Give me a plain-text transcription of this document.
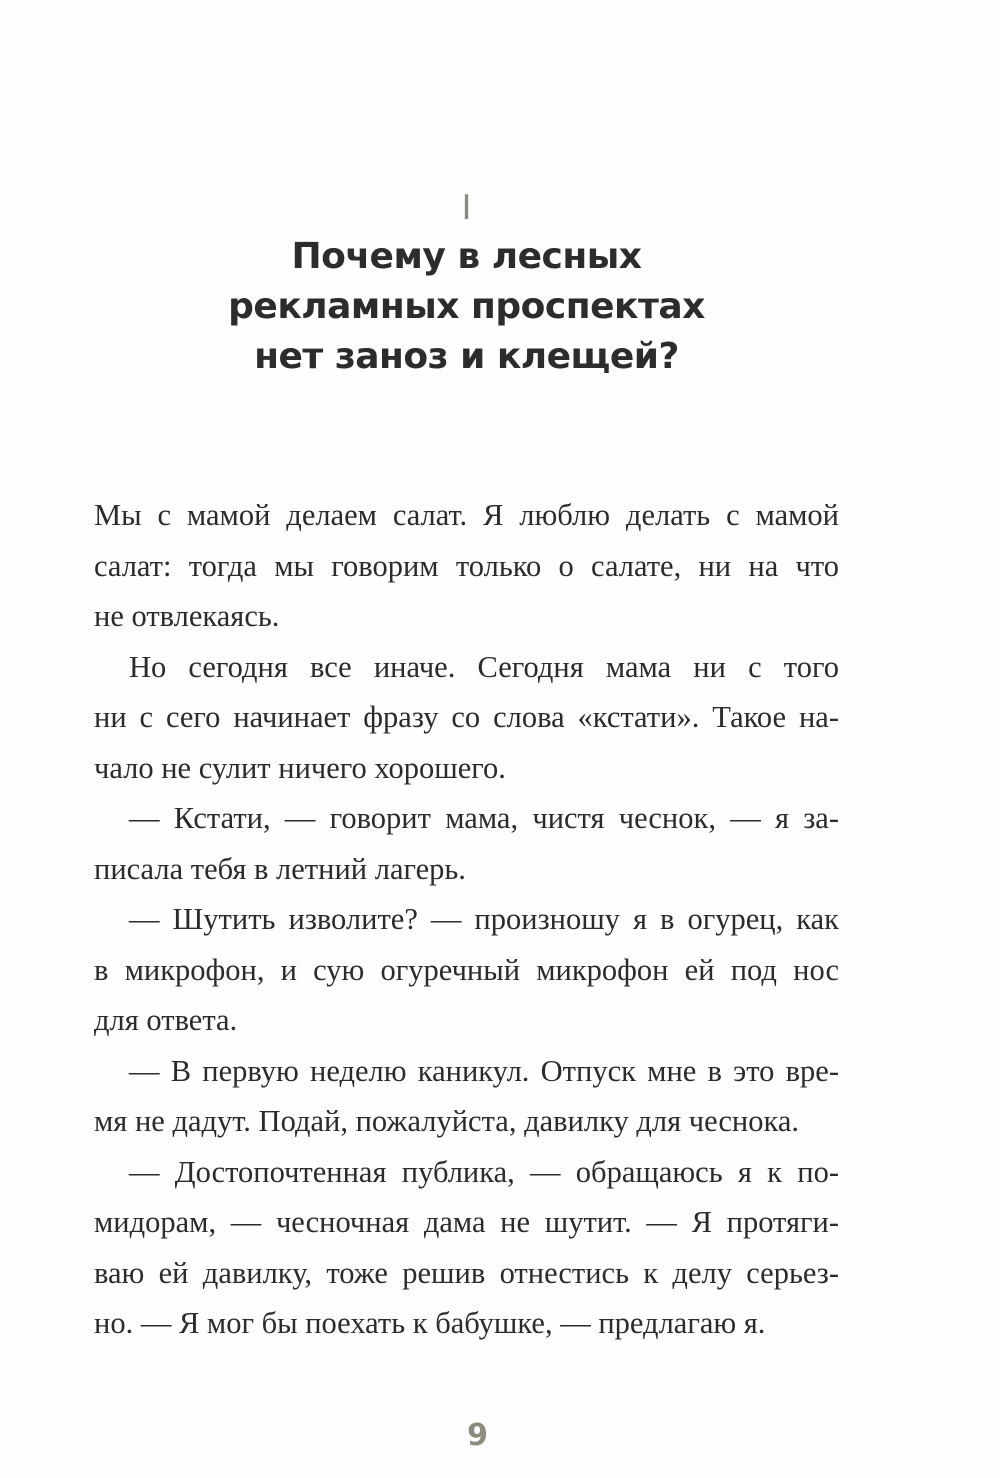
I
Почему в лесных
рекламных проспектах
нет заноз и клещей?
Мы с мамой делаем салат. Я люблю делать с мамой
салат: тогда мы говорим только о салате, ни на что
не отвлекаясь.
Но сегодня все иначе. Сегодня мама ни с того
ни с сего начинает фразу со слова «кстати». Такое на-
чало не сулит ничего хорошего.
— Кстати, — говорит мама, чистя чеснок, — я за-
писала тебя в летний лагерь.
— Шутить изволите? — произношу я в огурец, как
в микрофон, и сую огуречный микрофон ей под нос
для ответа.
— В первую неделю каникул. Отпуск мне в это вре-
мя не дадут. Подай, пожалуйста, давилку для чеснока.
— Достопочтенная публика, — обращаюсь я к по-
мидорам, — чесночная дама не шутит. — Я протяги-
ваю ей давилку, тоже решив отнестись к делу серьез-
но. — Я мог бы поехать к бабушке, — предлагаю я.
9
